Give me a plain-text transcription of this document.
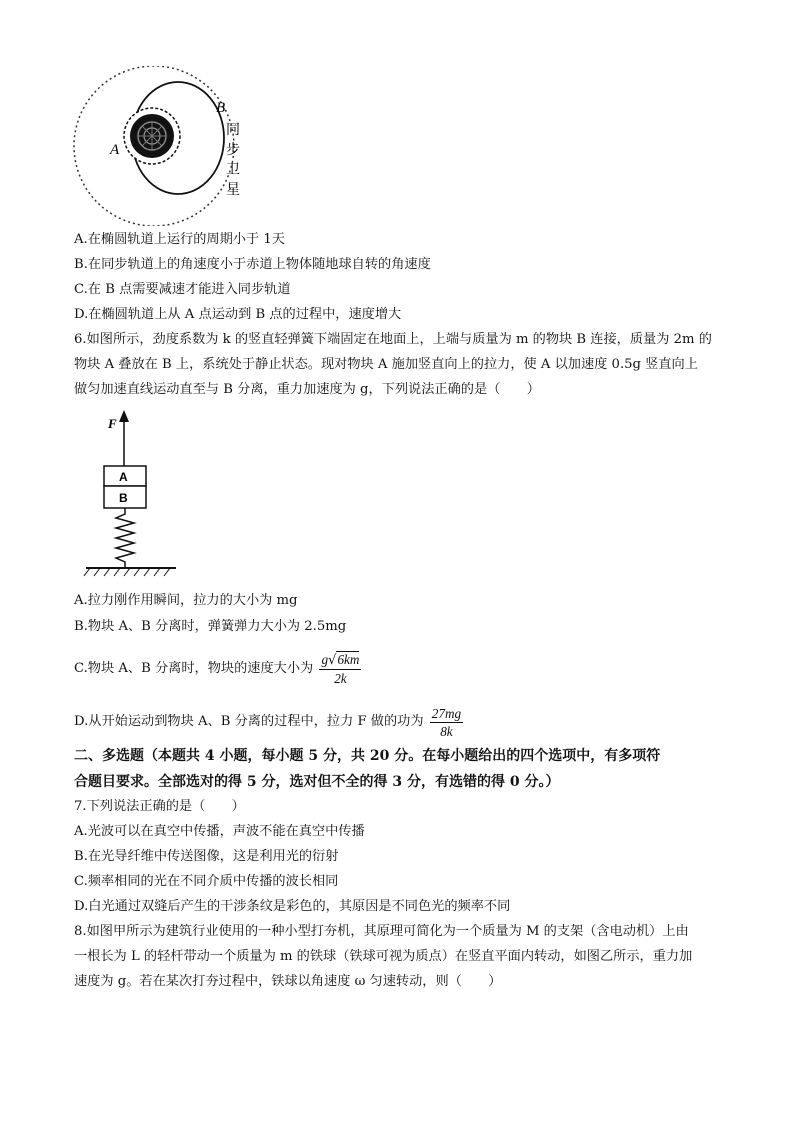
A
B
同
步
卫
星
A.在椭圆轨道上运行的周期小于 1天
B.在同步轨道上的角速度小于赤道上物体随地球自转的角速度
C.在 B 点需要减速才能进入同步轨道
D.在椭圆轨道上从 A 点运动到 B 点的过程中，速度增大
6.如图所示，劲度系数为 k 的竖直轻弹簧下端固定在地面上，上端与质量为 m 的物块 B 连接，质量为 2m 的
物块 A 叠放在 B 上，系统处于静止状态。现对物块 A 施加竖直向上的拉力，使 A 以加速度 0.5g 竖直向上
做匀加速直线运动直至与 B 分离，重力加速度为 g，下列说法正确的是（　　）
F
A
B
A.拉力刚作用瞬间，拉力的大小为 mg
B.物块 A、B 分离时，弹簧弹力大小为 2.5mg
C.物块 A、B 分离时，物块的速度大小为 $\frac{g√6km}{2k}$
D.从开始运动到物块 A、B 分离的过程中，拉力 F 做的功为 $\frac{27mg}{8k}$
二、多选题（本题共 4 小题，每小题 5 分，共 20 分。在每小题给出的四个选项中，有多项符
合题目要求。全部选对的得 5 分，选对但不全的得 3 分，有选错的得 0 分。）
7.下列说法正确的是（　　）
A.光波可以在真空中传播，声波不能在真空中传播
B.在光导纤维中传送图像，这是利用光的衍射
C.频率相同的光在不同介质中传播的波长相同
D.白光通过双缝后产生的干涉条纹是彩色的，其原因是不同色光的频率不同
8.如图甲所示为建筑行业使用的一种小型打夯机，其原理可简化为一个质量为 M 的支架（含电动机）上由
一根长为 L 的轻杆带动一个质量为 m 的铁球（铁球可视为质点）在竖直平面内转动，如图乙所示，重力加
速度为 g。若在某次打夯过程中，铁球以角速度 ω 匀速转动，则（　　）
